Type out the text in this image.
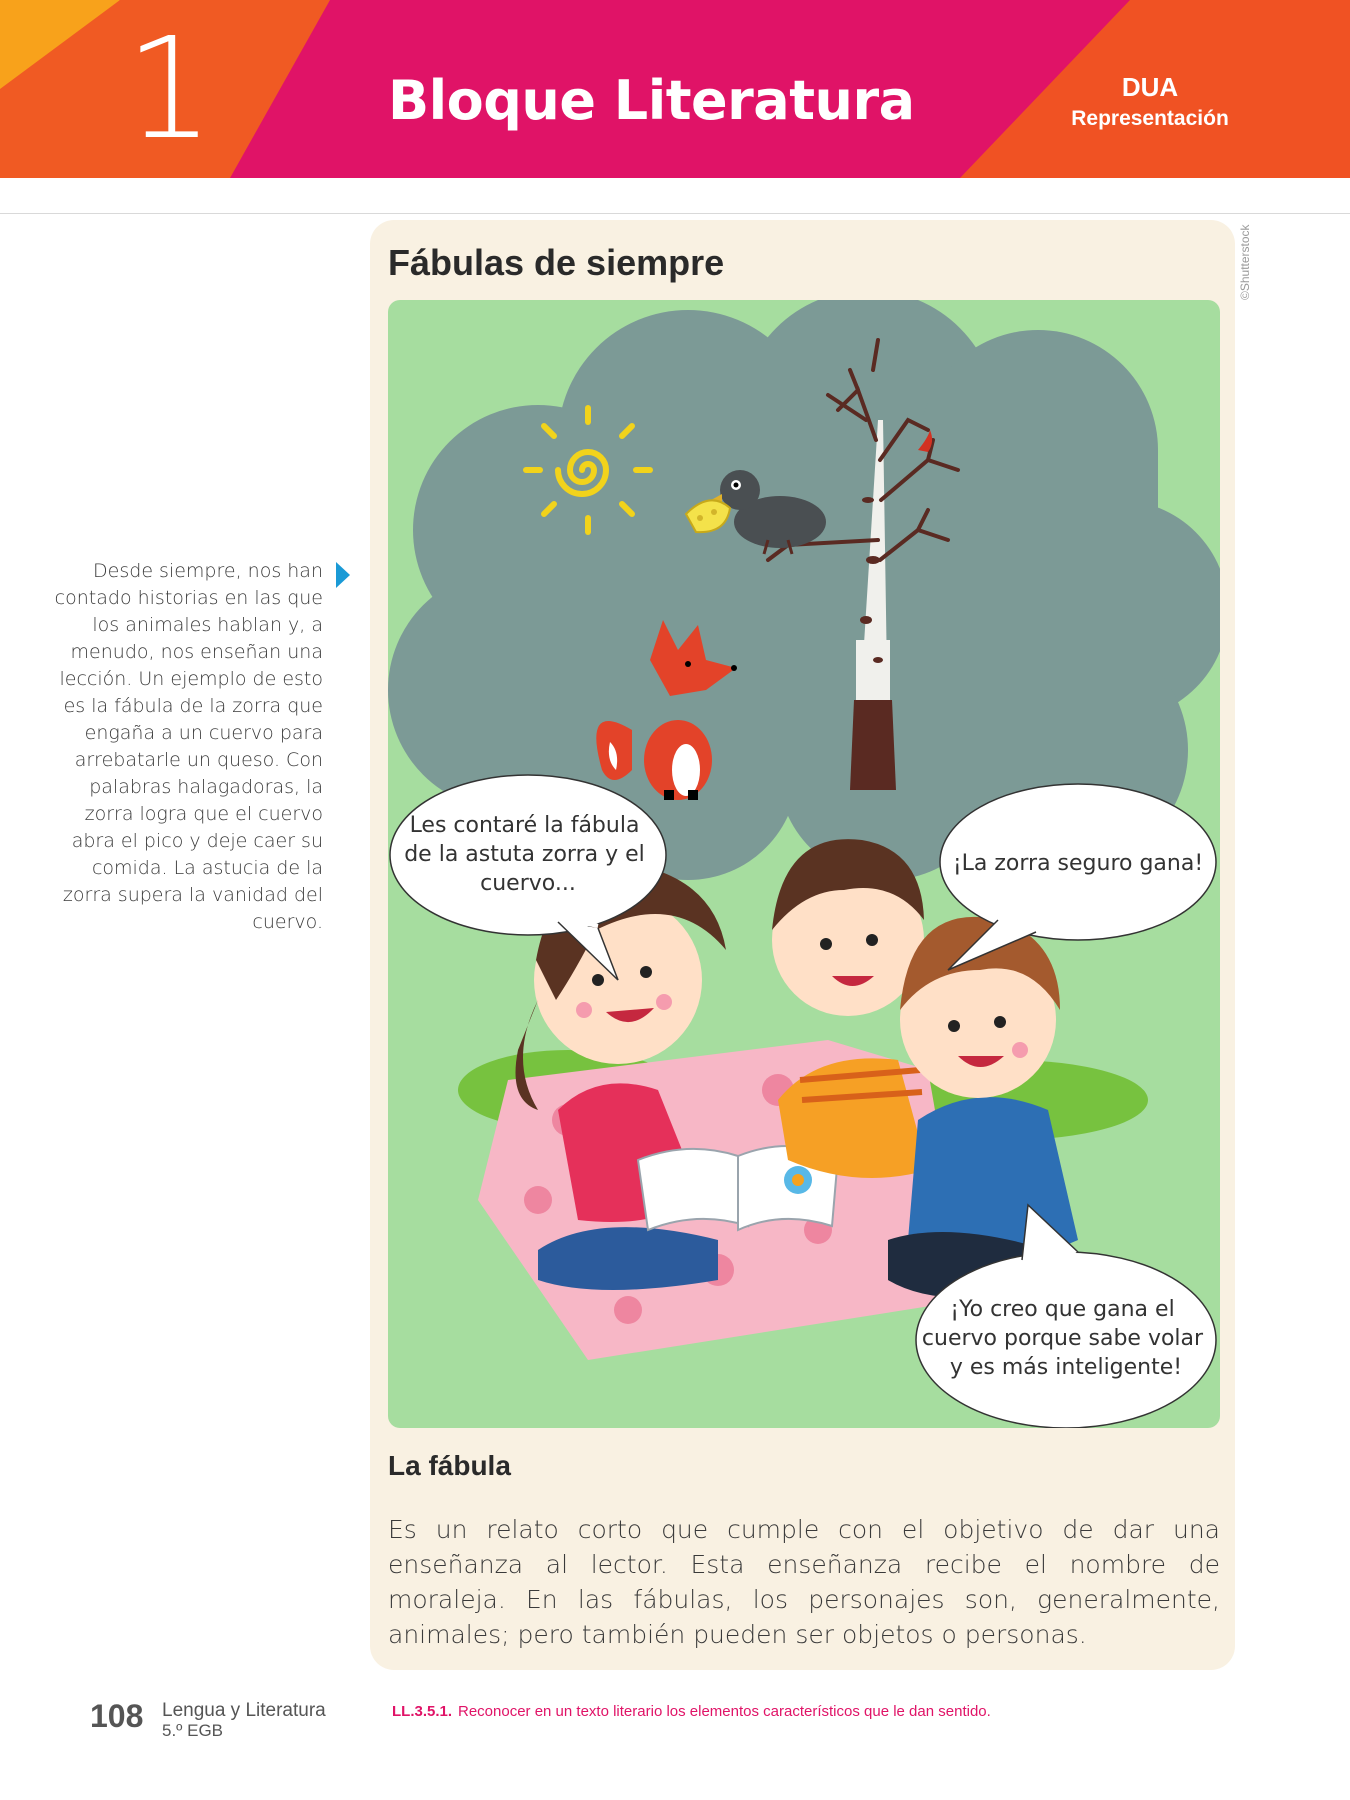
1	Bloque Literatura	DUA
Representación
Desde siempre, nos han contado historias en las que los animales hablan y, a menudo, nos enseñan una lección. Un ejemplo de esto es la fábula de la zorra que engaña a un cuervo para arrebatarle un queso. Con palabras halagadoras, la zorra logra que el cuervo abra el pico y deje caer su comida. La astucia de la zorra supera la vanidad del cuervo.
©Shutterstock
Fábulas de siempre
Les contaré la fábula de la astuta zorra y el cuervo...
¡La zorra seguro gana!
¡Yo creo que gana el cuervo porque sabe volar y es más inteligente!
La fábula
Es un relato corto que cumple con el objetivo de dar una enseñanza al lector. Esta enseñanza recibe el nombre de moraleja. En las fábulas, los personajes son, generalmente, animales; pero también pueden ser objetos o personas.
108 Lengua y Literatura
5.º EGB
LL.3.5.1. Reconocer en un texto literario los elementos característicos que le dan sentido.
